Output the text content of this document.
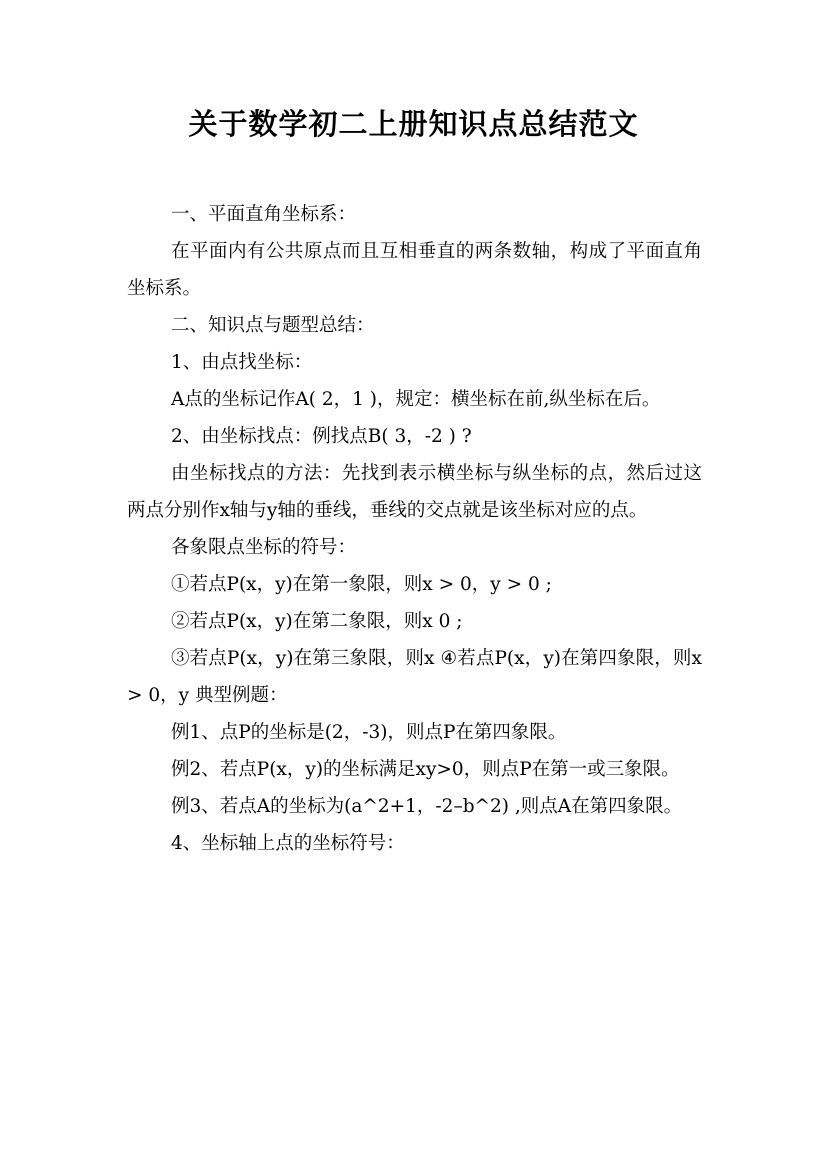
关于数学初二上册知识点总结范文

一、平面直角坐标系：

在平面内有公共原点而且互相垂直的两条数轴，构成了平面直角坐标系。

二、知识点与题型总结：

1、由点找坐标：

A点的坐标记作A( 2，1 )，规定：横坐标在前,纵坐标在后。

2、由坐标找点：例找点B( 3，-2 ) ?

由坐标找点的方法：先找到表示横坐标与纵坐标的点，然后过这两点分别作x轴与y轴的垂线，垂线的交点就是该坐标对应的点。

各象限点坐标的符号：

①若点P(x，y)在第一象限，则x > 0，y > 0 ;

②若点P(x，y)在第二象限，则x 0 ;

③若点P(x，y)在第三象限，则x ④若点P(x，y)在第四象限，则x > 0，y 典型例题：

例1、点P的坐标是(2，-3)，则点P在第四象限。

例2、若点P(x，y)的坐标满足xy>0，则点P在第一或三象限。

例3、若点A的坐标为(a^2+1，-2–b^2) ,则点A在第四象限。

4、坐标轴上点的坐标符号：
